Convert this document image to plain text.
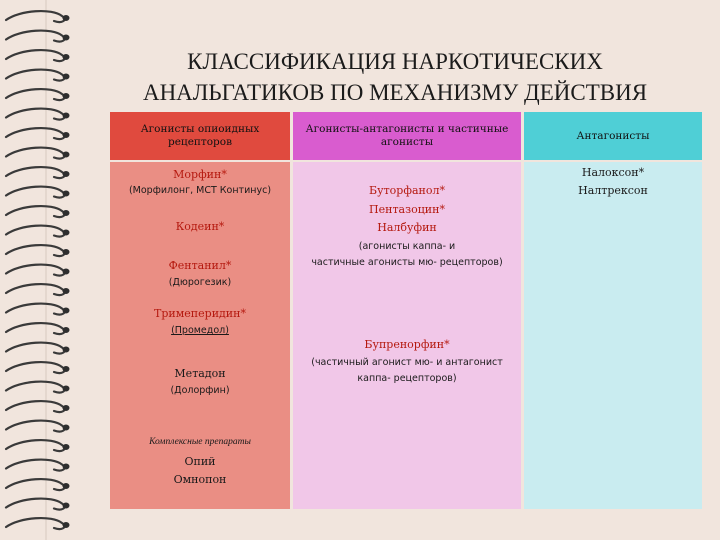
КЛАССИФИКАЦИЯ НАРКОТИЧЕСКИХ
АНАЛЬГАТИКОВ ПО МЕХАНИЗМУ ДЕЙСТВИЯ
Агонисты опиоидных
рецепторов
Морфин*
(Морфилонг, МСТ Континус)
Кодеин*
Фентанил*
(Дюрогезик)
Тримеперидин*
(Промедол)
Метадон
(Долорфин)
Комплексные препараты
Опий
Омнопон
Агонисты-антагонисты и частичные
агонисты
Буторфанол*
Пентазоцин*
Налбуфин
(агонисты каппа- и
частичные агонисты мю- рецепторов)
Бупренорфин*
(частичный агонист мю- и антагонист
каппа- рецепторов)
Антагонисты
Налоксон*
Налтрексон
